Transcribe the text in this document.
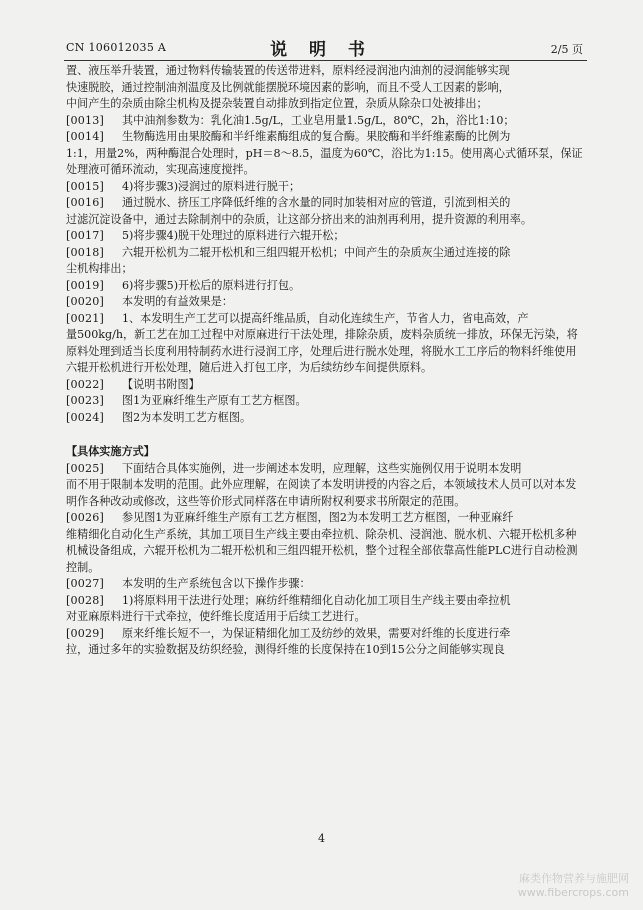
CN 106012035 A	说 明 书	2/5 页

置、液压举升装置，通过物料传输装置的传送带进料，原料经浸润池内油剂的浸润能够实现

快速脱胶，通过控制油剂温度及比例就能摆脱环境因素的影响，而且不受人工因素的影响，

中间产生的杂质由除尘机构及提杂装置自动排放到指定位置，杂质从除杂口处被排出；

[0013]	其中油剂参数为：乳化油1.5g/L，工业皂用量1.5g/L，80℃，2h，浴比1:10；
[0014]	生物酶选用由果胶酶和半纤维素酶组成的复合酶。果胶酶和半纤维素酶的比例为

1:1，用量2%，两种酶混合处理时，pH＝8～8.5，温度为60℃，浴比为1:15。使用离心式循环泵，保证处理液可循环流动，实现高速度搅拌。

[0015]	4)将步骤3)浸润过的原料进行脱干；
[0016]	通过脱水、挤压工序降低纤维的含水量的同时加装相对应的管道，引流到相关的

过滤沉淀设备中，通过去除制剂中的杂质，让这部分挤出来的油剂再利用，提升资源的利用率。

[0017]	5)将步骤4)脱干处理过的原料进行六辊开松；
[0018]	六辊开松机为二辊开松机和三组四辊开松机；中间产生的杂质灰尘通过连接的除

尘机构排出；

[0019]	6)将步骤5)开松后的原料进行打包。
[0020]	本发明的有益效果是：
[0021]	1、本发明生产工艺可以提高纤维品质，自动化连续生产，节省人力，省电高效，产

量500kg/h，新工艺在加工过程中对原麻进行干法处理，排除杂质，废料杂质统一排放，环保无污染，将原料处理到适当长度利用特制药水进行浸润工序，处理后进行脱水处理，将脱水工工序后的物料纤维使用六辊开松机进行开松处理，随后进入打包工序，为后续纺纱车间提供原料。

[0022]	【说明书附图】
[0023]	图1为亚麻纤维生产原有工艺方框图。
[0024]	图2为本发明工艺方框图。

【具体实施方式】

[0025]	下面结合具体实施例，进一步阐述本发明，应理解，这些实施例仅用于说明本发明

而不用于限制本发明的范围。此外应理解，在阅读了本发明讲授的内容之后，本领域技术人员可以对本发明作各种改动或修改，这些等价形式同样落在申请所附权利要求书所限定的范围。

[0026]	参见图1为亚麻纤维生产原有工艺方框图，图2为本发明工艺方框图，一种亚麻纤

维精细化自动化生产系统，其加工项目生产线主要由牵拉机、除杂机、浸润池、脱水机、六辊开松机多种机械设备组成，六辊开松机为二辊开松机和三组四辊开松机，整个过程全部依靠高性能PLC进行自动检测控制。

[0027]	本发明的生产系统包含以下操作步骤：
[0028]	1)将原料用干法进行处理；麻纺纤维精细化自动化加工项目生产线主要由牵拉机

对亚麻原料进行干式牵拉，使纤维长度适用于后续工艺进行。

[0029]	原来纤维长短不一，为保证精细化加工及纺纱的效果，需要对纤维的长度进行牵

拉，通过多年的实验数据及纺织经验，测得纤维的长度保持在10到15公分之间能够实现良

4
麻类作物营养与施肥网
www.fibercrops.com
